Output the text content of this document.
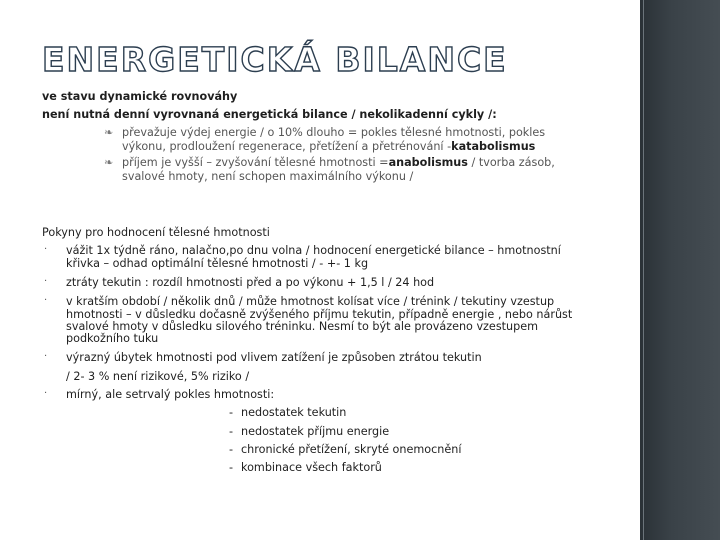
ENERGETICKÁ BILANCE
ve stavu dynamické rovnováhy
není nutná denní vyrovnaná energetická bilance / nekolikadenní cykly /:
❧ převažuje výdej energie / o 10% dlouho = pokles tělesné hmotnosti, pokles
výkonu, prodloužení regenerace, přetížení a přetrénování -katabolismus
❧ příjem je vyšší – zvyšování tělesné hmotnosti =anabolismus / tvorba zásob,
svalové hmoty, není schopen maximálního výkonu /
Pokyny pro hodnocení tělesné hmotnosti
· vážit 1x týdně ráno, nalačno,po dnu volna / hodnocení energetické bilance – hmotnostní
křivka – odhad optimální tělesné hmotnosti / - +- 1 kg
· ztráty tekutin : rozdíl hmotnosti před a po výkonu + 1,5 l / 24 hod
· v kratším období / několik dnů / může hmotnost kolísat více / trénink / tekutiny vzestup
hmotnosti – v důsledku dočasně zvýšeného příjmu tekutin, případně energie , nebo nárůst
svalové hmoty v důsledku silového tréninku. Nesmí to být ale provázeno vzestupem
podkožního tuku
· výrazný úbytek hmotnosti pod vlivem zatížení je způsoben ztrátou tekutin
/ 2- 3 % není rizikové, 5% riziko /
· mírný, ale setrvalý pokles hmotnosti:
- nedostatek tekutin
- nedostatek příjmu energie
- chronické přetížení, skryté onemocnění
- kombinace všech faktorů
